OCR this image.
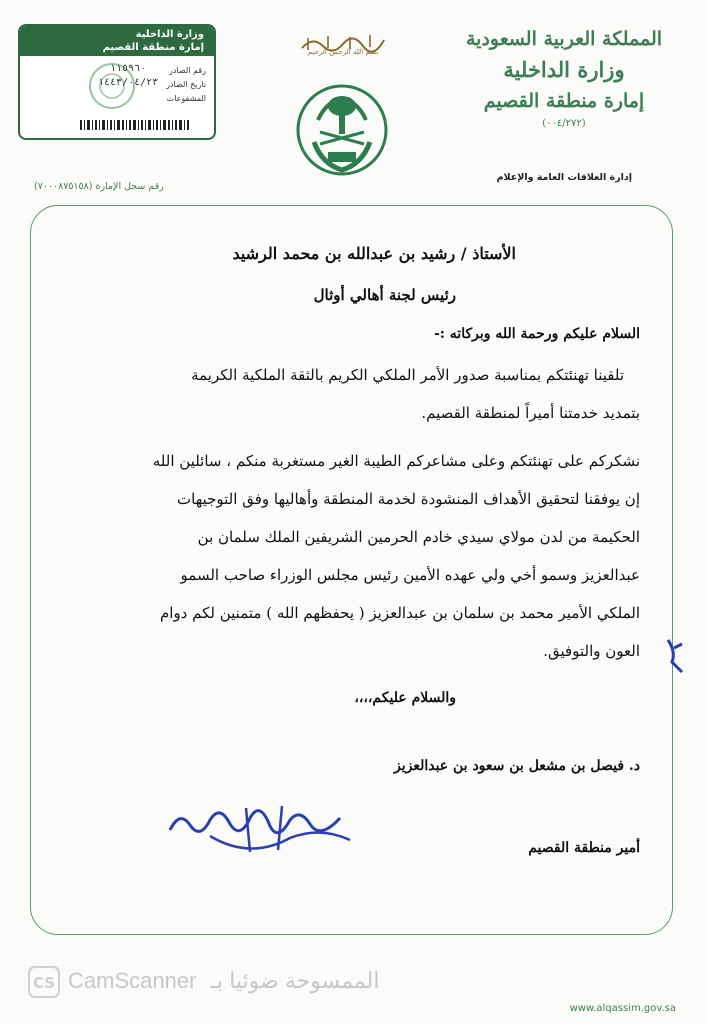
المملكة العربية السعودية
وزارة الداخلية
إمارة منطقة القصيم
(٠٠٤/٢٧٢)
إدارة العلاقات العامة والإعلام
بسم الله الرحمن الرحيم
وزارة الداخلية
إمارة منطقة القصيم
رقم الصادر
١١٥٩٦٠
تاريخ الصادر
١٤٤٣/٠٤/٢٣
المشفوعات
رقم سجل الإمارة (٧٠٠٠٨٧٥١٥٨)
الأستاذ / رشيد بن عبدالله بن محمد الرشيد
رئيس لجنة أهالي أوثال
السلام عليكم ورحمة الله وبركاته :-
تلقينا تهنئتكم بمناسبة صدور الأمر الملكي الكريم بالثقة الملكية الكريمة
بتمديد خدمتنا أميراً لمنطقة القصيم.
نشكركم على تهنئتكم وعلى مشاعركم الطيبة الغير مستغربة منكم ، سائلين الله
إن يوفقنا لتحقيق الأهداف المنشودة لخدمة المنطقة وأهاليها وفق التوجيهات
الحكيمة من لدن مولاي سيدي خادم الحرمين الشريفين الملك سلمان بن
عبدالعزيز وسمو أخي ولي عهده الأمين رئيس مجلس الوزراء صاحب السمو
الملكي الأمير محمد بن سلمان بن عبدالعزيز ( يحفظهم الله ) متمنين لكم دوام
العون والتوفيق.
والسلام عليكم،،،،
د. فيصل بن مشعل بن سعود بن عبدالعزيز
أمير منطقة القصيم
CS CamScanner الممسوحة ضوئيا بـ
www.alqassim.gov.sa
